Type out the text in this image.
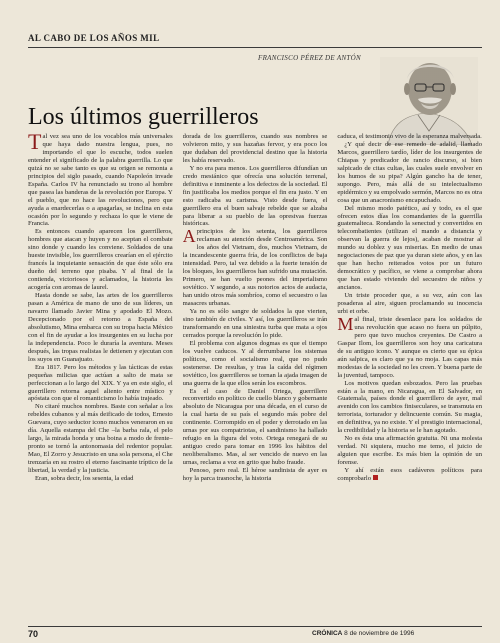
AL CABO DE LOS AÑOS MIL
FRANCISCO PÉREZ DE ANTÓN
Los últimos guerrilleros

Tal vez sea uno de los vocablos más universales que haya dado nuestra lengua, pues, no importando el que lo escuche, todos suelen entender el significado de la palabra guerrilla. Lo que quizá no se sabe tanto es que su origen se remonta a principios del siglo pasado, cuando Napoleón invade España. Carlos IV ha renunciado su trono al hombre que pasea las banderas de la revolución por Europa. Y el pueblo, que no hace las revoluciones, pero que ayuda a enardecerlas o a apagarlas, se inclina en esta ocasión por lo segundo y rechaza lo que le viene de Francia.

Es entonces cuando aparecen los guerrilleros, hombres que atacan y huyen y no aceptan el combate sino donde y cuando les conviene. Soldados de una hueste invisible, los guerrilleros crearían en el ejército francés la inquietante sensación de que éste sólo era dueño del terreno que pisaba. Y al final de la contienda, victoriosos y aclamados, la historia les acogería con aromas de laurel.

Hasta donde se sabe, las artes de los guerrilleros pasan a América de mano de uno de sus líderes, un navarro llamado Javier Mina y apodado El Mozo. Decepcionado por el retorno a España del absolutismo, Mina embarca con su tropa hacia México con el fin de ayudar a los insurgentes en su lucha por la independencia. Poco le duraría la aventura. Meses después, las tropas realistas le detienen y ejecutan con los suyos en Guanajuato.

Era 1817. Pero los métodos y las tácticas de estas pequeñas milicias que actúan a salto de mata se perfeccionan a lo largo del XIX. Y ya en este siglo, el guerrillero retorna aquel aliento entre místico y apóstata con que el romanticismo lo había trajeado.

No citaré muchos nombres. Baste con señalar a los rebeldes cubanos y al más deificado de todos, Ernesto Guevara, cuyo seductor icono muchos veneraron en su día. Aquella estampa del Che –la barba rala, el pelo largo, la mirada honda y una boina a modo de frente– pronto se tornó la antonomasia del redentor popular. Mao, El Zorro y Jesucristo en una sola persona, el Che trenzaría en su rostro el eterno fascinante tríptico de la libertad, la verdad y la justicia.

Eran, sobra decir, los sesenta, la edad

dorada de los guerrilleros, cuando sus nombres se volvieron mito, y sus hazañas fervor, y era poco los que dudaban del providencial destino que la historia les había reservado.

Y no era para menos. Los guerrilleros difundían un credo mesiánico que ofrecía una solución terrenal, definitiva e inminente a los defectos de la sociedad. El fin justificaba los medios porque el fin era justo. Y en esto radicaba su carisma. Visto desde fuera, el guerrillero era el buen salvaje rebelde que se alzaba para liberar a su pueblo de las opresivas fuerzas históricas.

Aprincipios de los setenta, los guerrilleros reclaman su atención desde Centroamérica. Son los años del Vietnam, dos, muchos Vietnam, de la incandescente guerra fría, de los conflictos de baja intensidad. Pero, tal vez debido a la fuerte tensión de los bloques, los guerrilleros han sufrido una mutación. Primero, se han vuelto peones del imperialismo soviético. Y segundo, a sus notorios actos de audacia, han unido otros más sombríos, como el secuestro o las masacres urbanas.

Ya no es sólo sangre de soldados la que vierten, sino también de civiles. Y así, los guerrilleros se irán transformando en una siniestra turba que mata a ojos cerrados porque la revolución lo pide.

El problema con algunos dogmas es que el tiempo los vuelve caducos. Y al derrumbarse los sistemas políticos, como el socialismo real, que no pudo sostenerse. De resultas, y tras la caída del régimen soviético, los guerrilleros se tornan la ajada imagen de una guerra de la que ellos serán los escombros.

Es el caso de Daniel Ortega, guerrillero reconvertido en político de cuello blanco y gobernante absoluto de Nicaragua por una década, en el curso de la cual harta de su país el segundo más pobre del continente. Corrompido en el poder y derrotado en las urnas por sus compatriotas, el sandinismo ha hallado refugio en la figura del voto. Ortega renegará de su antiguo credo para tomar en 1996 los hábitos del neoliberalismo. Mas, al ser vencido de nuevo en las urnas, reclama a voz en grito que hubo fraude.

Penoso, pero real. El héroe sandinista de ayer es hoy la parca trasnoche, la historia

caduca, el testimonio vivo de la esperanza malversada.

¿Y qué decir de ese remedo de adalid, llamado Marcos, guerrillero tardío, líder de los insurgentes de Chiapas y predicador de rancio discurso, si bien salpicado de citas cultas, las cuales suele envolver en los humos de su pipa? Algún gancho ha de tener, supongo. Pero, más allá de su intelectualismo epidérmico y su empolvado sermón, Marcos no es otra cosa que un anacronismo encapuchado.

Del mismo modo patético, así y todo, es el que ofrecen estos días los comandantes de la guerrilla guatemalteca. Rondando la senectud y convertidos en telecombatientes (utilizan el mando a distancia y observan la guerra de lejos), acaban de mostrar al mundo su doblez y sus miserias. En medio de unas negociaciones de paz que ya duran siete años, y en las que han hecho reiterados votos por un futuro democrático y pacífico, se viene a comprobar ahora que han estado viviendo del secuestro de niños y ancianos.

Un triste proceder que, a su vez, aún con las posaderas al aire, siguen proclamando su inocencia urbi et orbe.

Mal final, triste desenlace para los soldados de una revolución que acaso no fuera un púlpito, pero que tuvo muchos creyentes. De Castro a Gaspar Ilom, los guerrilleros son hoy una caricatura de su antiguo icono. Y aunque es cierto que su épica aún salpica, es claro que ya no moja. Las capas más modestas de la sociedad no les creen. Y buena parte de la juventud, tampoco.

Los motivos quedan esbozados. Pero las pruebas están a la mano, en Nicaragua, en El Salvador, en Guatemala, países donde el guerrillero de ayer, mal avenido con los cambios finiseculares, se transmuta en terrorista, torturador y delincuente común. Su magia, en definitiva, ya no existe. Y el prestigio internacional, la credibilidad y la historia se le han agotado.

No es ésta una afirmación gratuita. Ni una molesta verdad. Ni siquiera, mucho me temo, el juicio de alguien que escribe. Es más bien la opinión de un forense.

Y ahí están esos cadáveres políticos para comprobarlo

70	CRÓNICA 8 de noviembre de 1996
